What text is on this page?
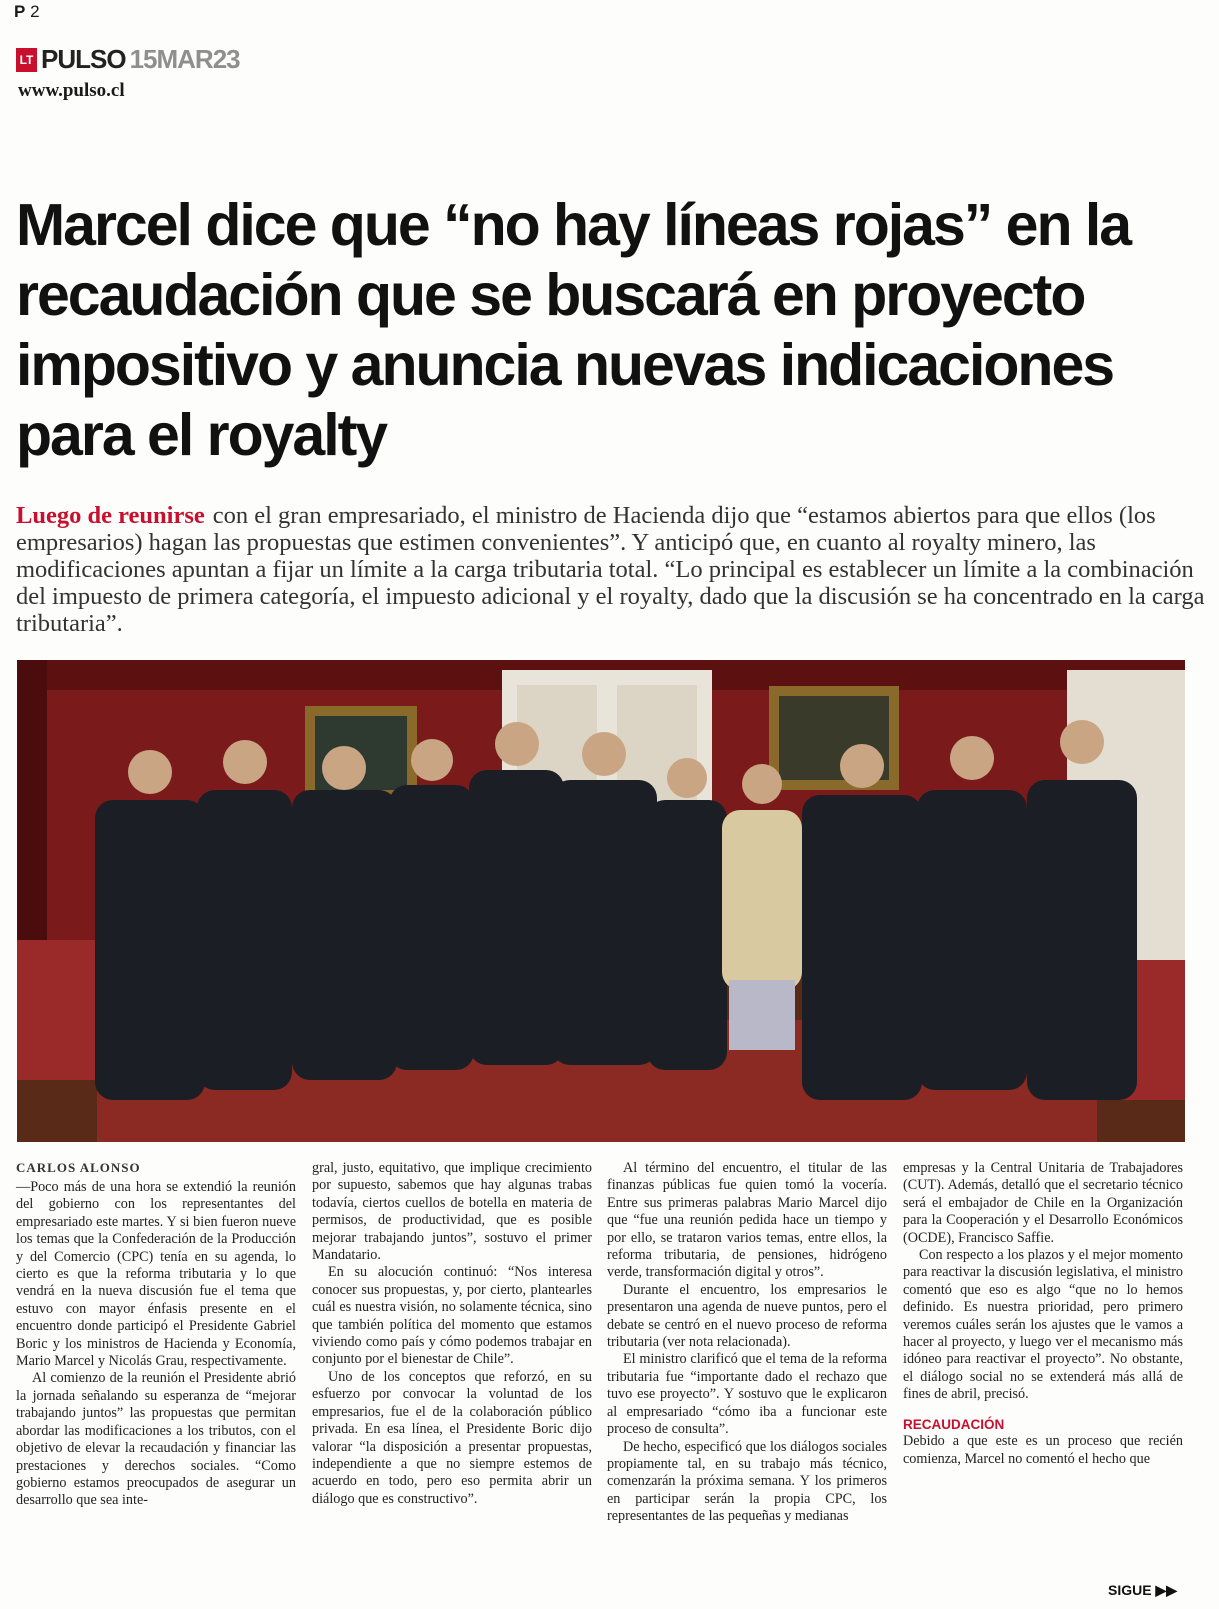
P 2
LT PULSO 15MAR23
www.pulso.cl
Marcel dice que “no hay líneas rojas” en la recaudación que se buscará en proyecto impositivo y anuncia nuevas indicaciones para el royalty

Luego de reunirse con el gran empresariado, el ministro de Hacienda dijo que “estamos abiertos para que ellos (los empresarios) hagan las propuestas que estimen convenientes”. Y anticipó que, en cuanto al royalty minero, las modificaciones apuntan a fijar un límite a la carga tributaria total. “Lo principal es establecer un límite a la combinación del impuesto de primera categoría, el impuesto adicional y el royalty, dado que la discusión se ha concentrado en la carga tributaria”.

CARLOS ALONSO

—Poco más de una hora se extendió la reunión del gobierno con los representantes del empresariado este martes. Y si bien fueron nueve los temas que la Confederación de la Producción y del Comercio (CPC) tenía en su agenda, lo cierto es que la reforma tributaria y lo que vendrá en la nueva discusión fue el tema que estuvo con mayor énfasis presente en el encuentro donde participó el Presidente Gabriel Boric y los ministros de Hacienda y Economía, Mario Marcel y Nicolás Grau, respectivamente.

Al comienzo de la reunión el Presidente abrió la jornada señalando su esperanza de “mejorar trabajando juntos” las propuestas que permitan abordar las modificaciones a los tributos, con el objetivo de elevar la recaudación y financiar las prestaciones y derechos sociales. “Como gobierno estamos preocupados de asegurar un desarrollo que sea inte-

gral, justo, equitativo, que implique crecimiento por supuesto, sabemos que hay algunas trabas todavía, ciertos cuellos de botella en materia de permisos, de productividad, que es posible mejorar trabajando juntos”, sostuvo el primer Mandatario.

En su alocución continuó: “Nos interesa conocer sus propuestas, y, por cierto, plantearles cuál es nuestra visión, no solamente técnica, sino que también política del momento que estamos viviendo como país y cómo podemos trabajar en conjunto por el bienestar de Chile”.

Uno de los conceptos que reforzó, en su esfuerzo por convocar la voluntad de los empresarios, fue el de la colaboración público privada. En esa línea, el Presidente Boric dijo valorar “la disposición a presentar propuestas, independiente a que no siempre estemos de acuerdo en todo, pero eso permita abrir un diálogo que es constructivo”.

Al término del encuentro, el titular de las finanzas públicas fue quien tomó la vocería. Entre sus primeras palabras Mario Marcel dijo que “fue una reunión pedida hace un tiempo y por ello, se trataron varios temas, entre ellos, la reforma tributaria, de pensiones, hidrógeno verde, transformación digital y otros”.

Durante el encuentro, los empresarios le presentaron una agenda de nueve puntos, pero el debate se centró en el nuevo proceso de reforma tributaria (ver nota relacionada).

El ministro clarificó que el tema de la reforma tributaria fue “importante dado el rechazo que tuvo ese proyecto”. Y sostuvo que le explicaron al empresariado “cómo iba a funcionar este proceso de consulta”.

De hecho, especificó que los diálogos sociales propiamente tal, en su trabajo más técnico, comenzarán la próxima semana. Y los primeros en participar serán la propia CPC, los representantes de las pequeñas y medianas

empresas y la Central Unitaria de Trabajadores (CUT). Además, detalló que el secretario técnico será el embajador de Chile en la Organización para la Cooperación y el Desarrollo Económicos (OCDE), Francisco Saffie.

Con respecto a los plazos y el mejor momento para reactivar la discusión legislativa, el ministro comentó que eso es algo “que no lo hemos definido. Es nuestra prioridad, pero primero veremos cuáles serán los ajustes que le vamos a hacer al proyecto, y luego ver el mecanismo más idóneo para reactivar el proyecto”. No obstante, el diálogo social no se extenderá más allá de fines de abril, precisó.

RECAUDACIÓN

Debido a que este es un proceso que recién comienza, Marcel no comentó el hecho que

SIGUE ▶▶
